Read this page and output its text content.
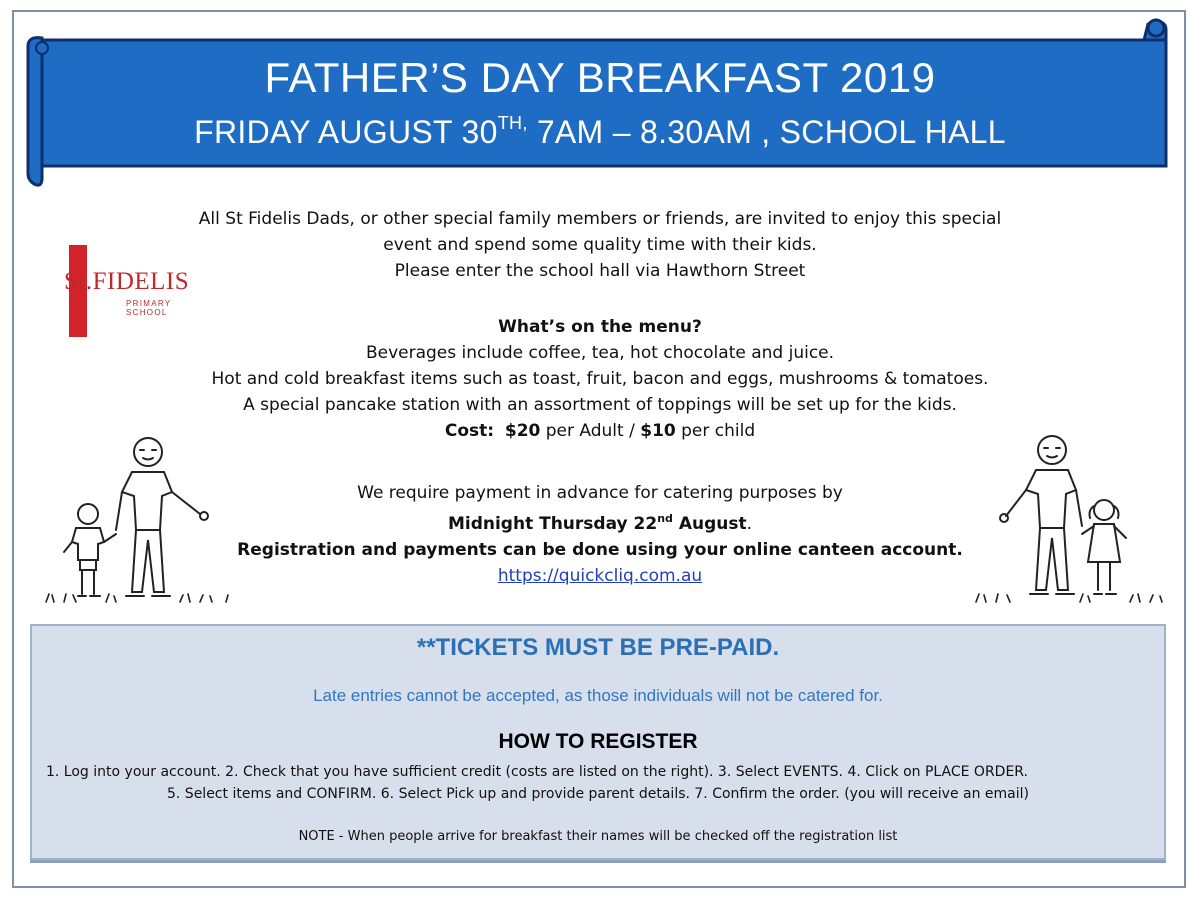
FATHER’S DAY BREAKFAST 2019
FRIDAY AUGUST $30^{TH,}$ 7AM – 8.30AM , SCHOOL HALL
St.FIDELIS
PRIMARY SCHOOL
All St Fidelis Dads, or other special family members or friends, are invited to enjoy this special
event and spend some quality time with their kids.
Please enter the school hall via Hawthorn Street
What’s on the menu?
Beverages include coffee, tea, hot chocolate and juice.
Hot and cold breakfast items such as toast, fruit, bacon and eggs, mushrooms & tomatoes.
A special pancake station with an assortment of toppings will be set up for the kids.
Cost: $20 per Adult / $10 per child
We require payment in advance for catering purposes by
Midnight Thursday 22nd August.
Registration and payments can be done using your online canteen account.
https://quickcliq.com.au
**TICKETS MUST BE PRE-PAID.
Late entries cannot be accepted, as those individuals will not be catered for.
HOW TO REGISTER
1. Log into your account. 2. Check that you have sufficient credit (costs are listed on the right). 3. Select EVENTS. 4. Click on PLACE ORDER.
5. Select items and CONFIRM. 6. Select Pick up and provide parent details. 7. Confirm the order. (you will receive an email)
NOTE - When people arrive for breakfast their names will be checked off the registration list
